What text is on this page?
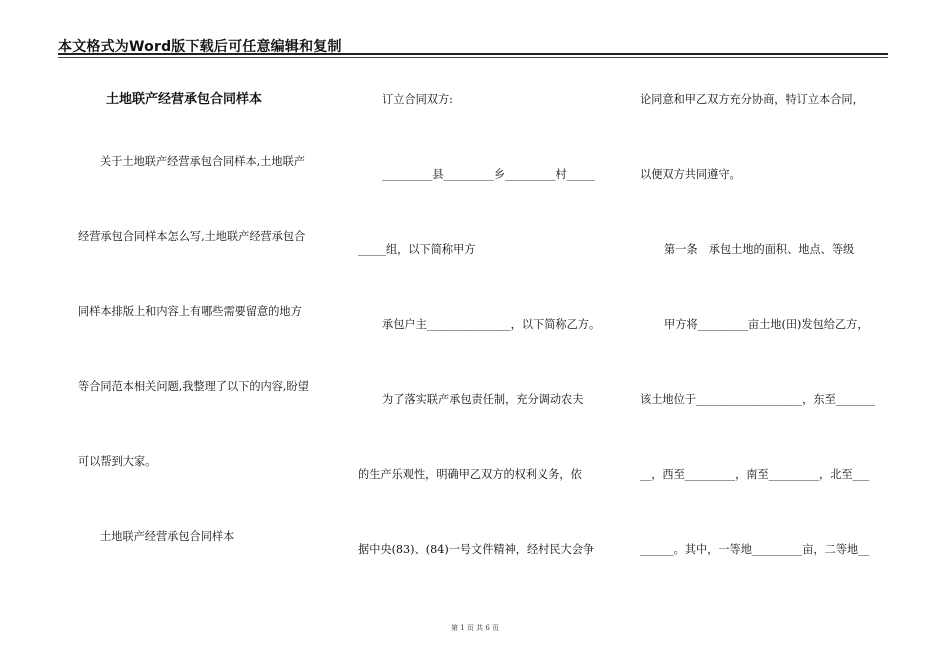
本文格式为Word版下载后可任意编辑和复制
土地联产经营承包合同样本
关于土地联产经营承包合同样本,土地联产
经营承包合同样本怎么写,土地联产经营承包合
同样本排版上和内容上有哪些需要留意的地方
等合同范本相关问题,我整理了以下的内容,盼望
可以帮到大家。
土地联产经营承包合同样本
订立合同双方:
_________县_________乡_________村_____
_____组，以下简称甲方
承包户主_______________，以下简称乙方。
为了落实联产承包责任制，充分调动农夫
的生产乐观性，明确甲乙双方的权利义务，依
据中央(83)、(84)一号文件精神，经村民大会争
论同意和甲乙双方充分协商，特订立本合同，
以便双方共同遵守。
第一条　承包土地的面积、地点、等级
甲方将_________亩土地(田)发包给乙方，
该土地位于___________________，东至_______
__，西至_________，南至_________，北至___
______。其中，一等地_________亩，二等地__
第 1 页 共 6 页
